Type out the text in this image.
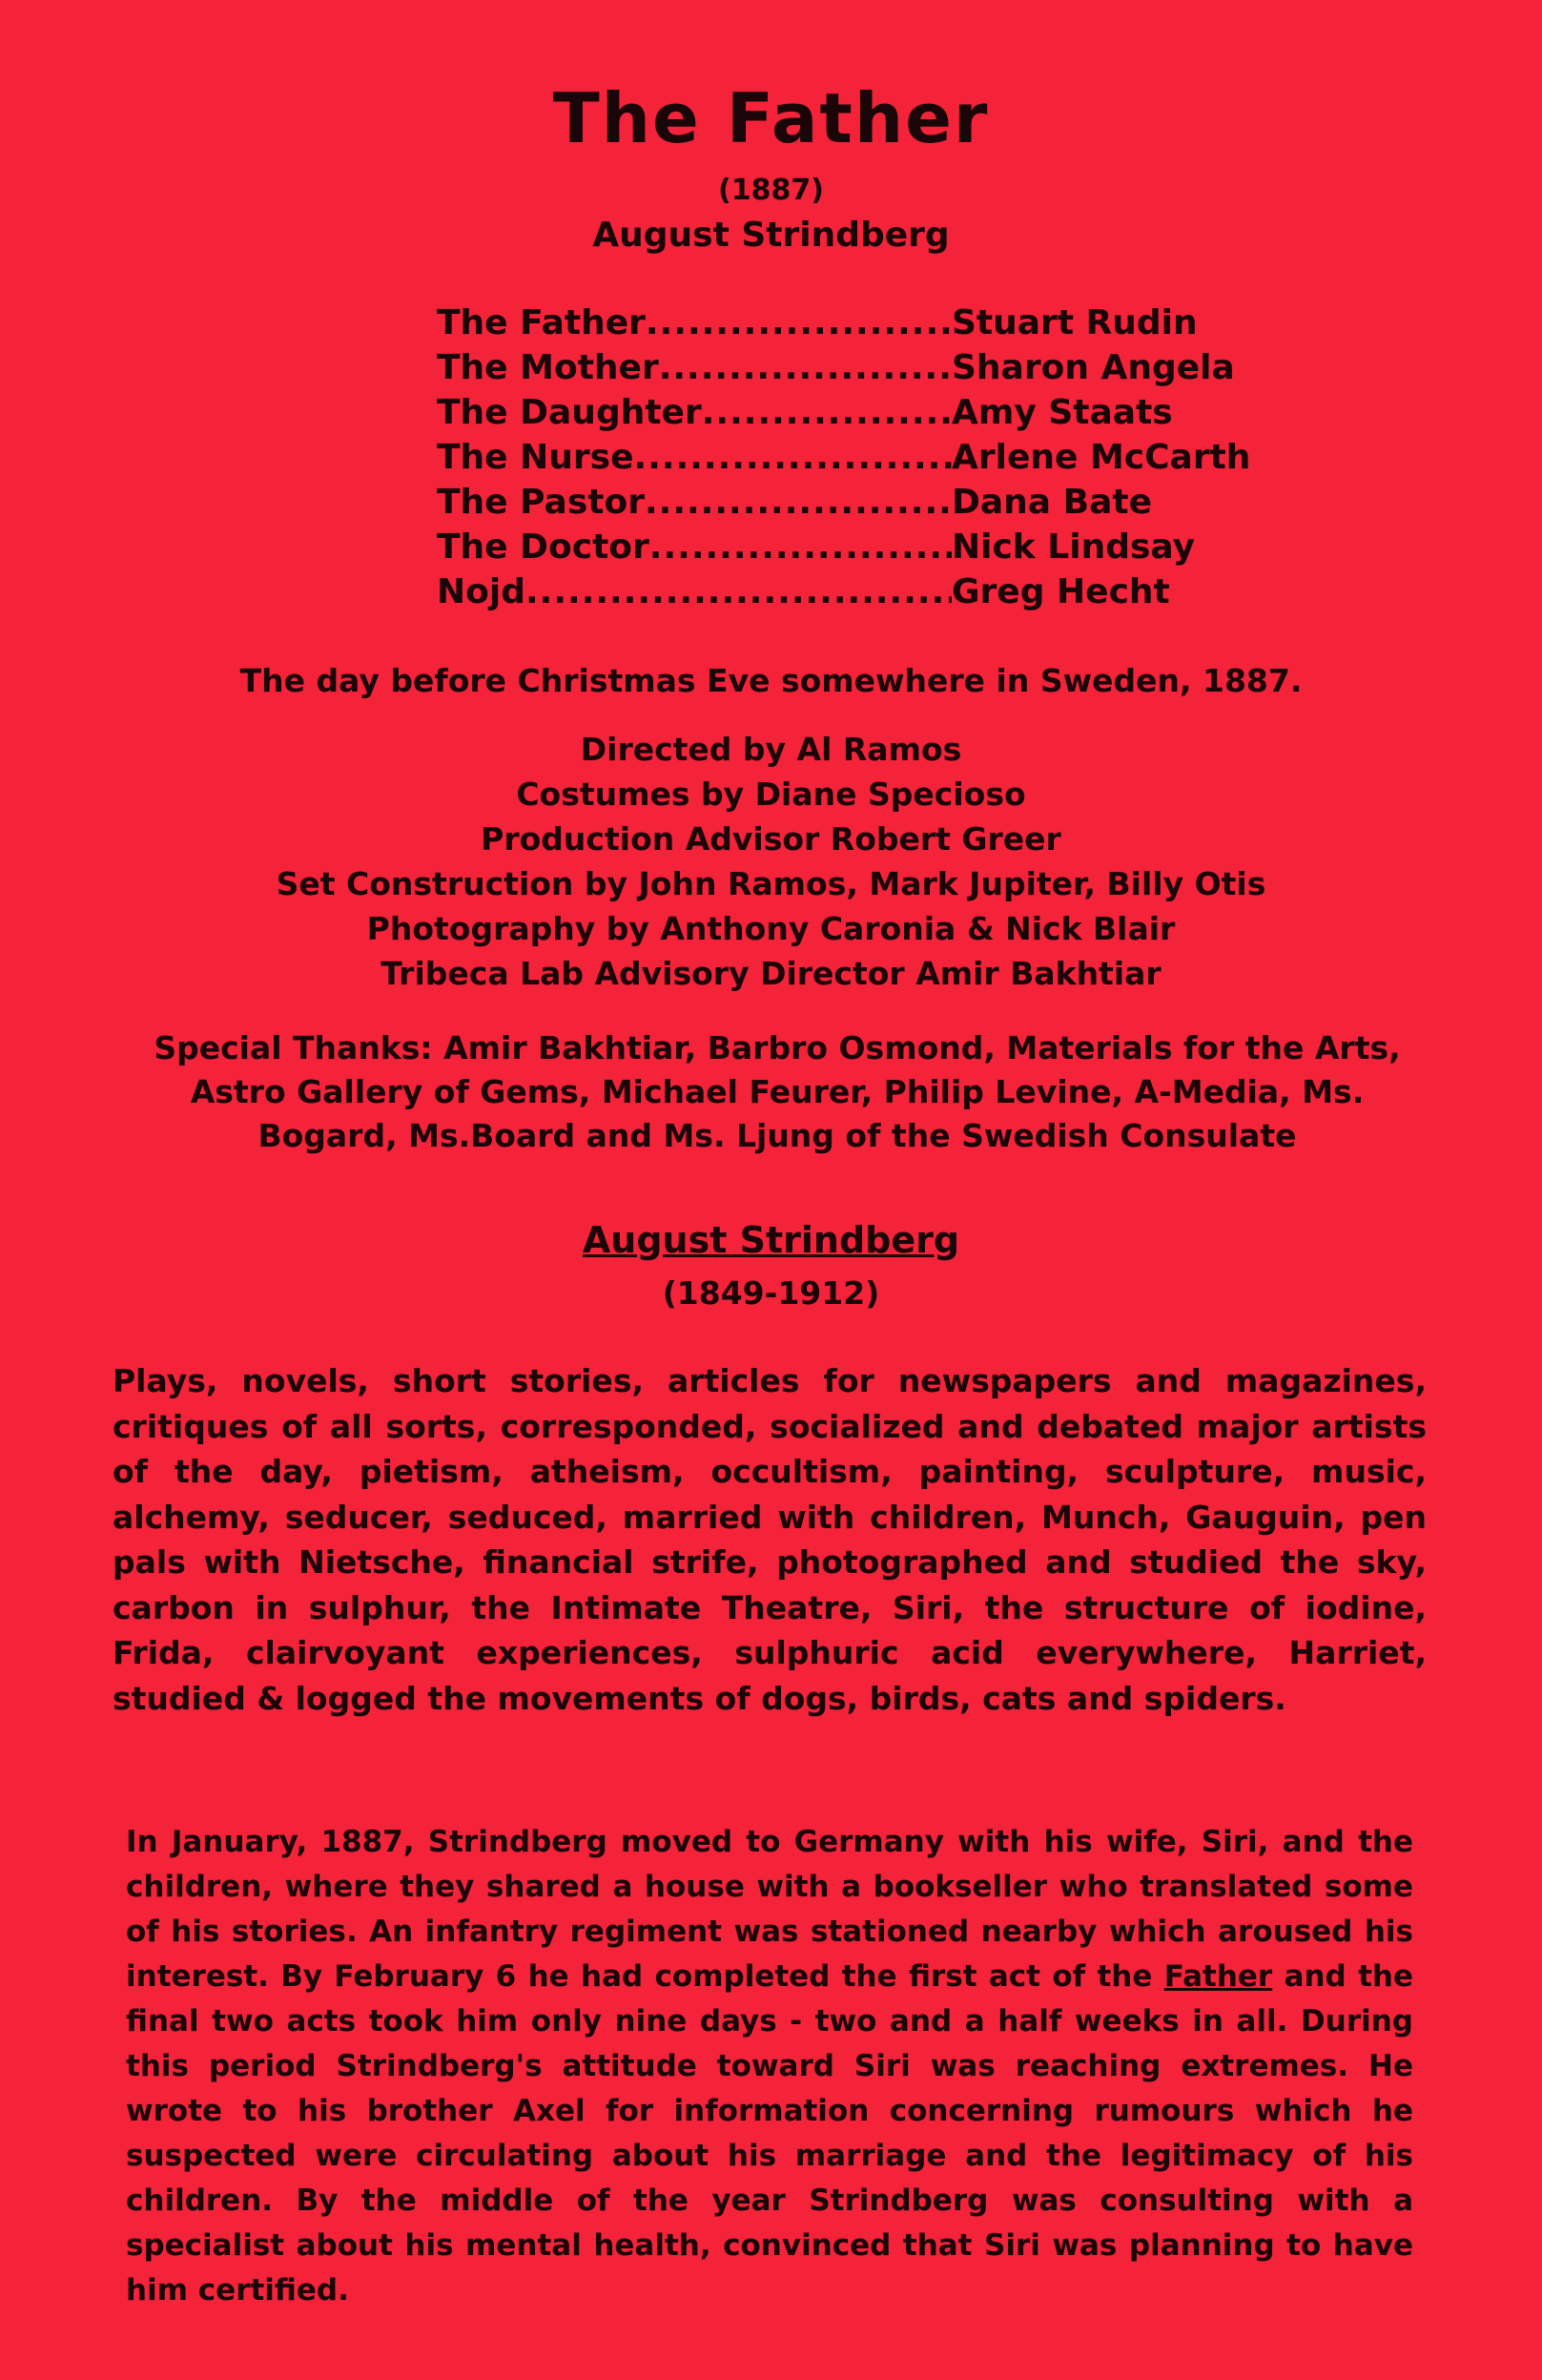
The Father
(1887)
August Strindberg
The Father .....	Stuart Rudin
The Mother .....	Sharon Angela
The Daughter .....	Amy Staats
The Nurse .....	Arlene McCarth
The Pastor .....	Dana Bate
The Doctor .....	Nick Lindsay
Nojd .....	Greg Hecht
The day before Christmas Eve somewhere in Sweden, 1887.
Directed by Al Ramos
Costumes by Diane Specioso
Production Advisor Robert Greer
Set Construction by John Ramos, Mark Jupiter, Billy Otis
Photography by Anthony Caronia & Nick Blair
Tribeca Lab Advisory Director Amir Bakhtiar
Special Thanks: Amir Bakhtiar, Barbro Osmond, Materials for the Arts, Astro Gallery of Gems, Michael Feurer, Philip Levine, A-Media, Ms. Bogard, Ms.Board and Ms. Ljung of the Swedish Consulate
August Strindberg
(1849-1912)
Plays, novels, short stories, articles for newspapers and magazines, critiques of all sorts, corresponded, socialized and debated major artists of the day, pietism, atheism, occultism, painting, sculpture, music, alchemy, seducer, seduced, married with children, Munch, Gauguin, pen pals with Nietsche, financial strife, photographed and studied the sky, carbon in sulphur, the Intimate Theatre, Siri, the structure of iodine, Frida, clairvoyant experiences, sulphuric acid everywhere, Harriet, studied & logged the movements of dogs, birds, cats and spiders.
In January, 1887, Strindberg moved to Germany with his wife, Siri, and the children, where they shared a house with a bookseller who translated some of his stories. An infantry regiment was stationed nearby which aroused his interest. By February 6 he had completed the first act of the Father and the final two acts took him only nine days - two and a half weeks in all. During this period Strindberg's attitude toward Siri was reaching extremes. He wrote to his brother Axel for information concerning rumours which he suspected were circulating about his marriage and the legitimacy of his children. By the middle of the year Strindberg was consulting with a specialist about his mental health, convinced that Siri was planning to have him certified.
